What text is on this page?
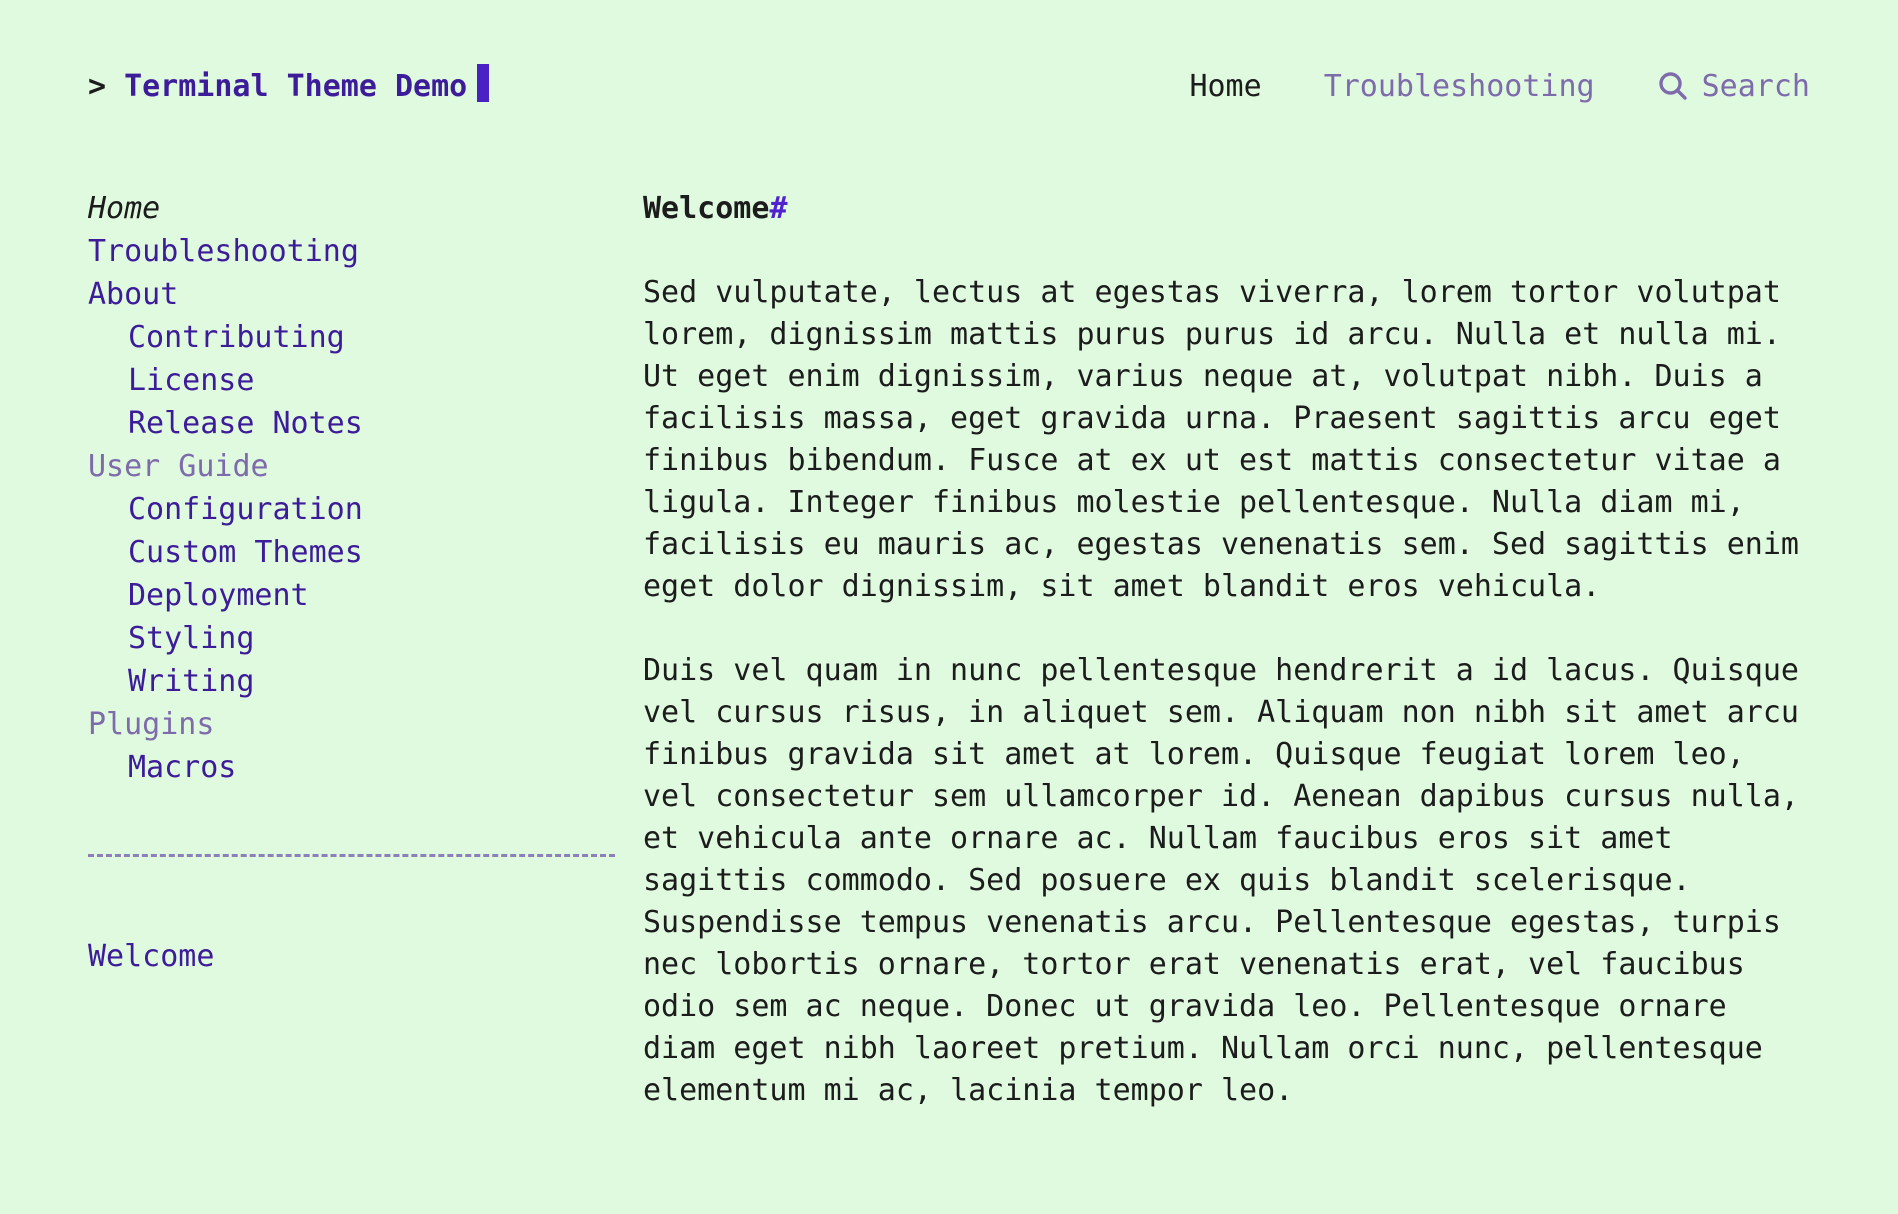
> Terminal Theme Demo	Home Troubleshooting	Search
Home
Troubleshooting
About
Contributing
License
Release Notes
User Guide
Configuration
Custom Themes
Deployment
Styling
Writing
Plugins
Macros
Welcome
Welcome#

Sed vulputate, lectus at egestas viverra, lorem tortor volutpat lorem, dignissim mattis purus purus id arcu. Nulla et nulla mi. Ut eget enim dignissim, varius neque at, volutpat nibh. Duis a facilisis massa, eget gravida urna. Praesent sagittis arcu eget finibus bibendum. Fusce at ex ut est mattis consectetur vitae a ligula. Integer finibus molestie pellentesque. Nulla diam mi, facilisis eu mauris ac, egestas venenatis sem. Sed sagittis enim eget dolor dignissim, sit amet blandit eros vehicula.

Duis vel quam in nunc pellentesque hendrerit a id lacus. Quisque vel cursus risus, in aliquet sem. Aliquam non nibh sit amet arcu finibus gravida sit amet at lorem. Quisque feugiat lorem leo, vel consectetur sem ullamcorper id. Aenean dapibus cursus nulla, et vehicula ante ornare ac. Nullam faucibus eros sit amet sagittis commodo. Sed posuere ex quis blandit scelerisque. Suspendisse tempus venenatis arcu. Pellentesque egestas, turpis nec lobortis ornare, tortor erat venenatis erat, vel faucibus odio sem ac neque. Donec ut gravida leo. Pellentesque ornare diam eget nibh laoreet pretium. Nullam orci nunc, pellentesque elementum mi ac, lacinia tempor leo.
